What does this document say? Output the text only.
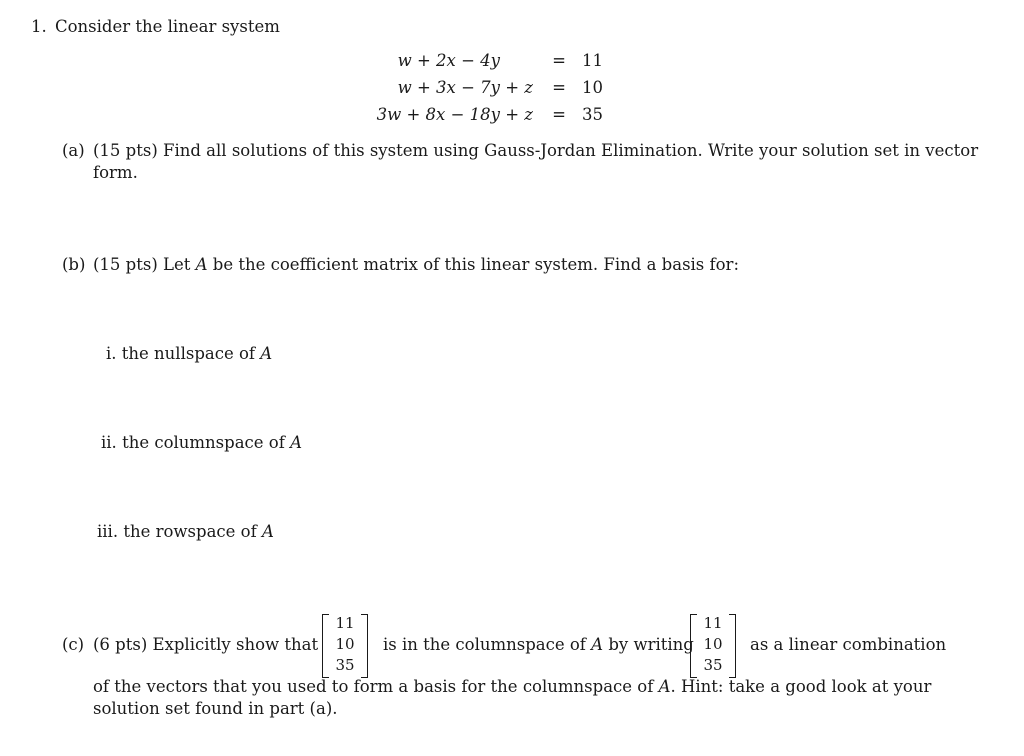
1. Consider the linear system
w + 2x − 4y	= 11
w + 3x − 7y + z = 10
3w + 8x − 18y + z = 35
(a) (15 pts) Find all solutions of this system using Gauss-Jordan Elimination. Write your solution set in vector
form.
(b) (15 pts) Let A be the coefficient matrix of this linear system. Find a basis for:
i. the nullspace of A
ii. the columnspace of A
iii. the rowspace of A
(c) (6 pts) Explicitly show that
11
10
35
is in the columnspace of A by writing
11
10
35
as a linear combination
of the vectors that you used to form a basis for the columnspace of A. Hint: take a good look at your
solution set found in part (a).
